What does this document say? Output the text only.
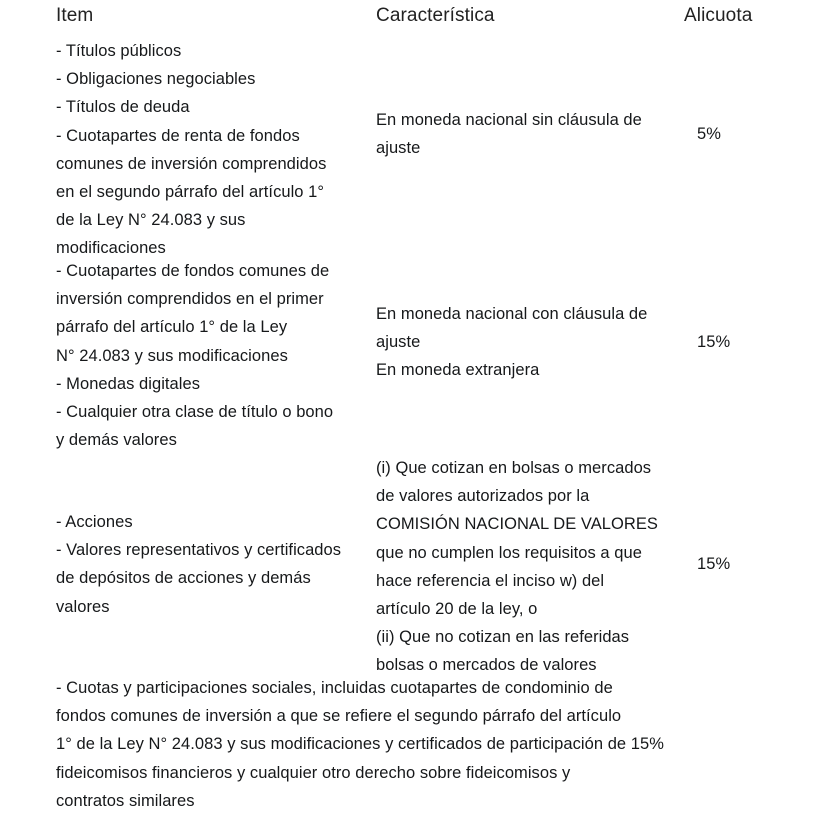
Item	Característica	Alicuota
- Títulos públicos
- Obligaciones negociables
- Títulos de deuda
- Cuotapartes de renta de fondos
comunes de inversión comprendidos
en el segundo párrafo del artículo 1°
de la Ley N° 24.083 y sus
modificaciones
En moneda nacional sin cláusula de
ajuste
5%
- Cuotapartes de fondos comunes de
inversión comprendidos en el primer
párrafo del artículo 1° de la Ley
N° 24.083 y sus modificaciones
- Monedas digitales
- Cualquier otra clase de título o bono
y demás valores
En moneda nacional con cláusula de
ajuste
En moneda extranjera
15%
- Acciones
- Valores representativos y certificados
de depósitos de acciones y demás
valores
(i) Que cotizan en bolsas o mercados
de valores autorizados por la
COMISIÓN NACIONAL DE VALORES
que no cumplen los requisitos a que
hace referencia el inciso w) del
artículo 20 de la ley, o
(ii) Que no cotizan en las referidas
bolsas o mercados de valores
15%
- Cuotas y participaciones sociales, incluidas cuotapartes de condominio de
fondos comunes de inversión a que se refiere el segundo párrafo del artículo
1° de la Ley N° 24.083 y sus modificaciones y certificados de participación de 15%
fideicomisos financieros y cualquier otro derecho sobre fideicomisos y
contratos similares
